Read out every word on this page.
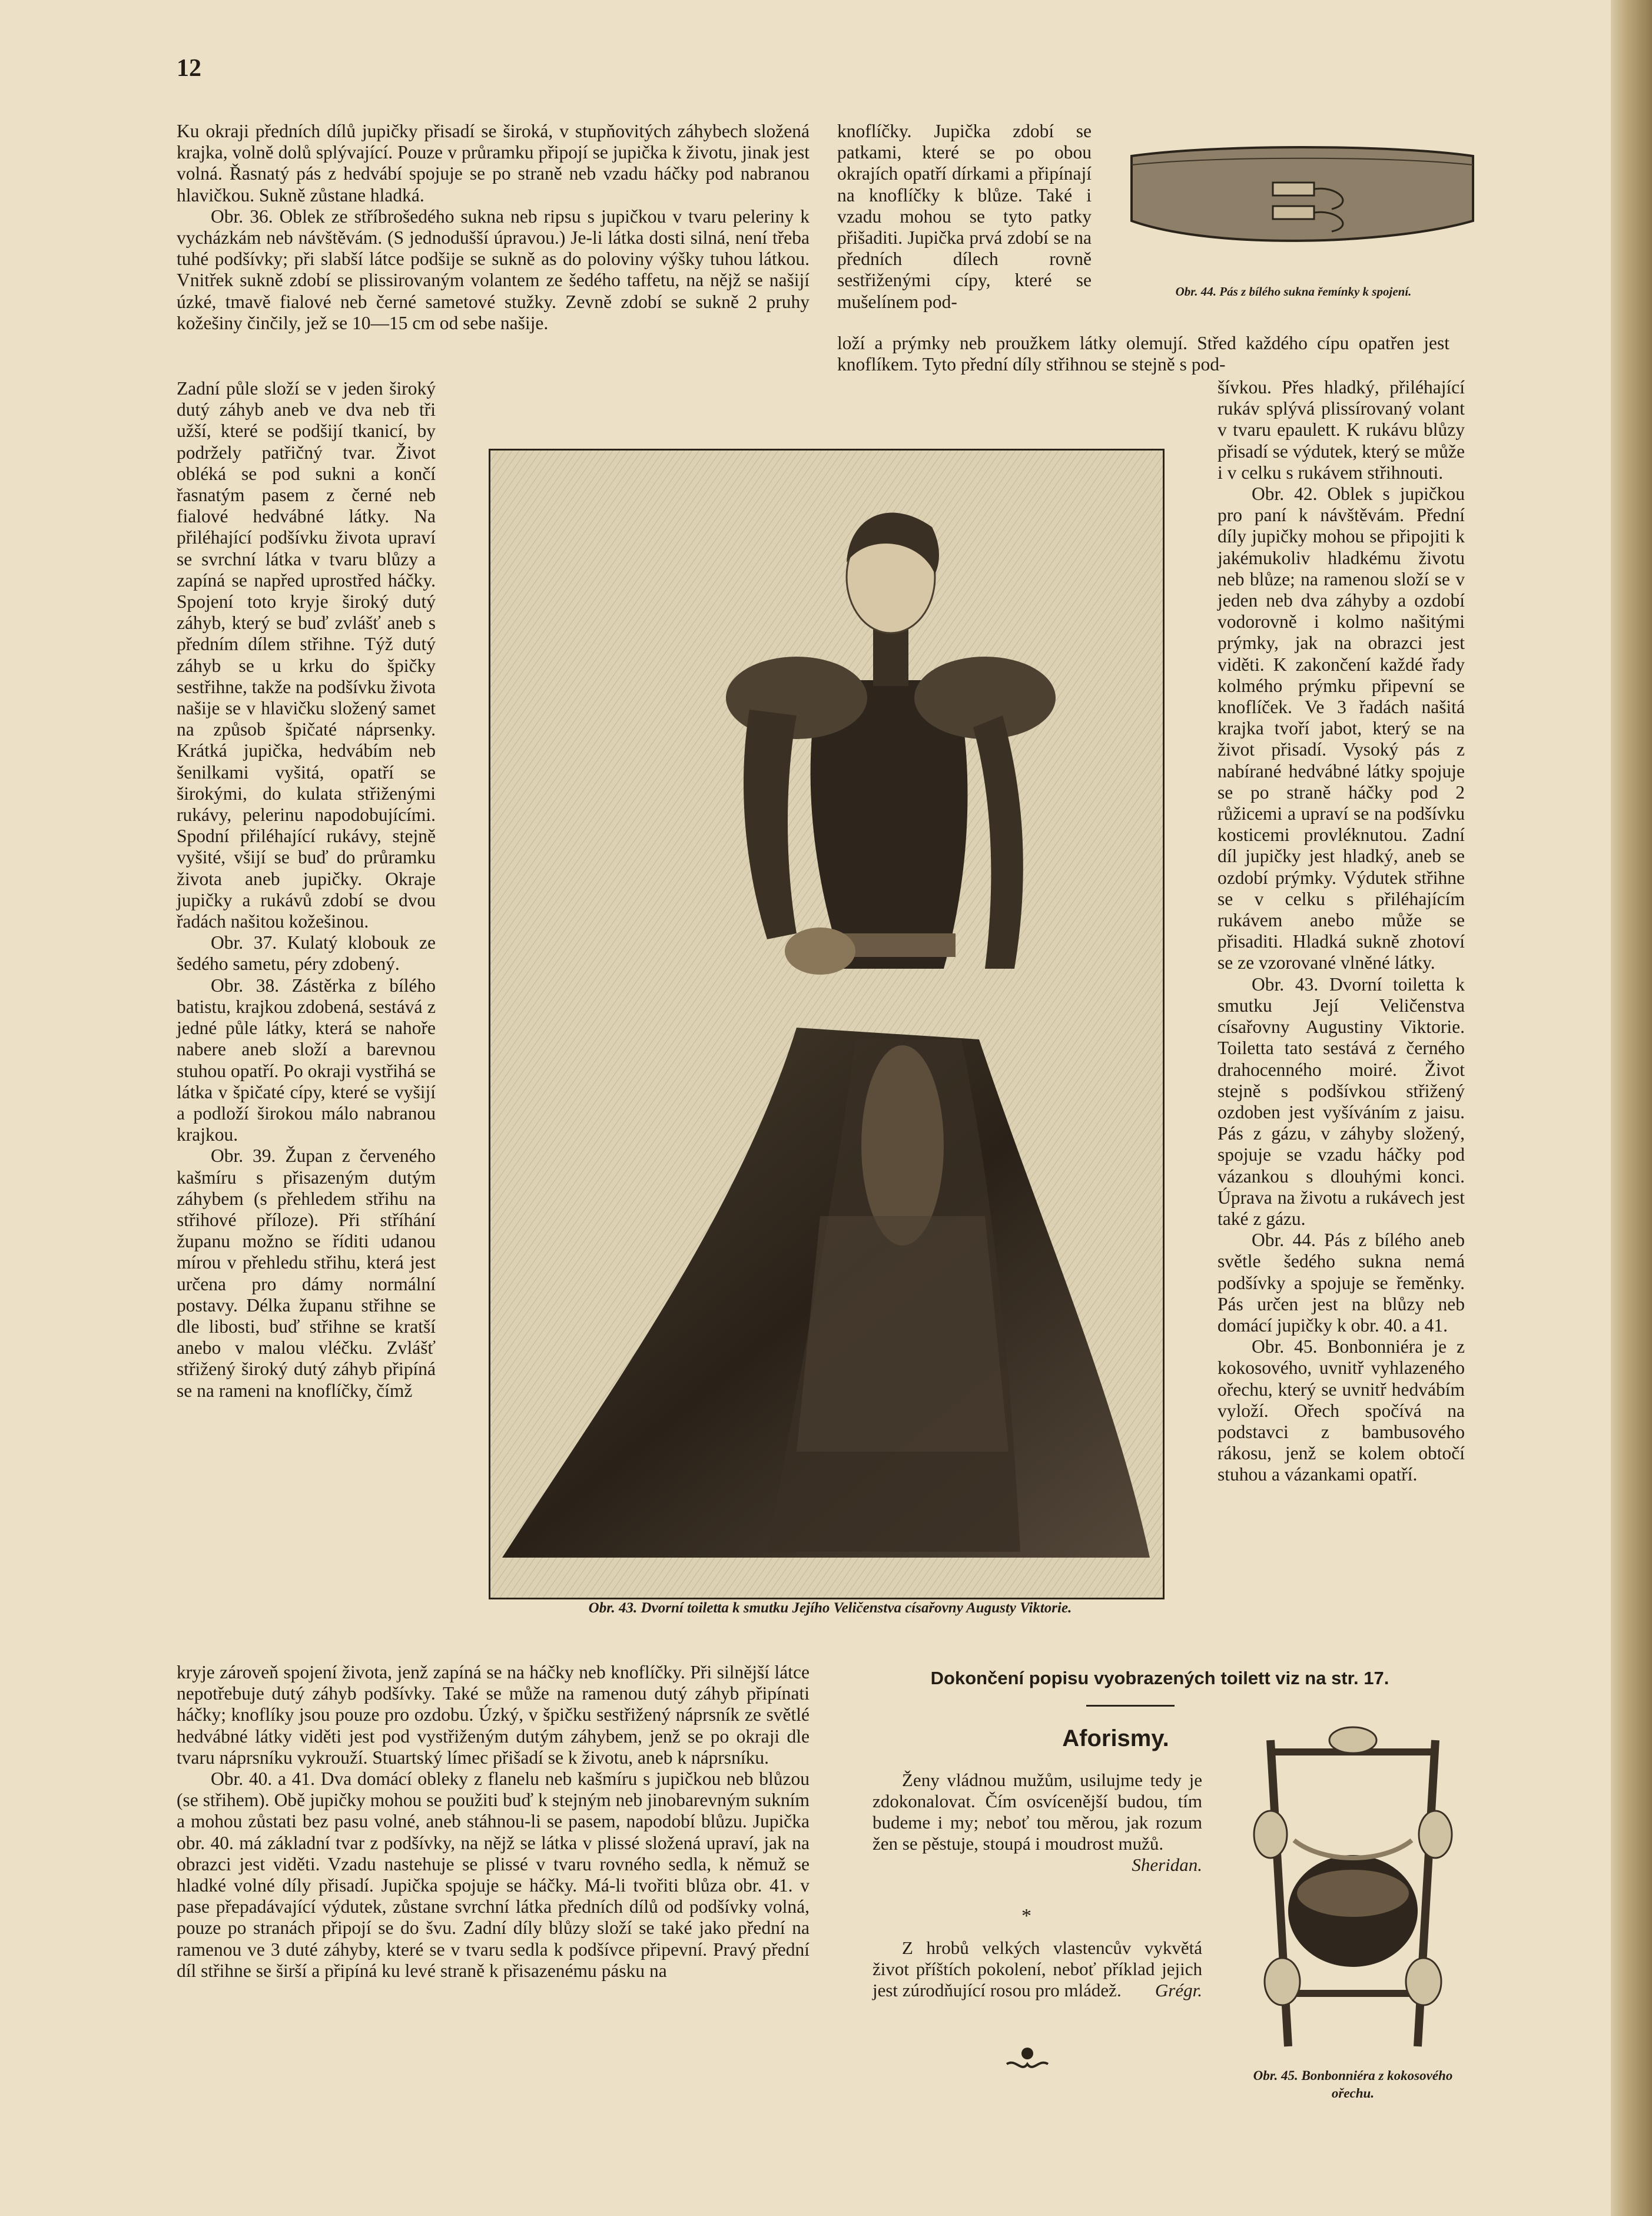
12

Ku okraji předních dílů jupičky přisadí se široká, v stupňovitých záhybech složená krajka, volně dolů splývající. Pouze v průramku připojí se jupička k životu, jinak jest volná. Řasnatý pás z hedvábí spojuje se po straně neb vzadu háčky pod nabranou hlavičkou. Sukně zůstane hladká.

Obr. 36. Oblek ze stříbrošedého sukna neb ripsu s jupičkou v tvaru peleriny k vycházkám neb návštěvám. (S jednodušší úpravou.) Je-li látka dosti silná, není třeba tuhé podšívky; při slabší látce podšije se sukně as do poloviny výšky tuhou látkou. Vnitřek sukně zdobí se plissirovaným volantem ze šedého taffetu, na nějž se našijí úzké, tmavě fialové neb černé sametové stužky. Zevně zdobí se sukně 2 pruhy kožešiny činčily, jež se 10—15 cm od sebe našije.

Zadní půle složí se v jeden široký dutý záhyb aneb ve dva neb tři užší, které se podšijí tkanicí, by podržely patřičný tvar. Život obléká se pod sukni a končí řasnatým pasem z černé neb fialové hedvábné látky. Na přiléhající podšívku života upraví se svrchní látka v tvaru blůzy a zapíná se napřed uprostřed háčky. Spojení toto kryje široký dutý záhyb, který se buď zvlášť aneb s předním dílem střihne. Týž dutý záhyb se u krku do špičky sestřihne, takže na podšívku života našije se v hlavičku složený samet na způsob špičaté náprsenky. Krátká jupička, hedvábím neb šenilkami vyšitá, opatří se širokými, do kulata střiženými rukávy, pelerinu napodobujícími. Spodní přiléhající rukávy, stejně vyšité, všijí se buď do průramku života aneb jupičky. Okraje jupičky a rukávů zdobí se dvou řadách našitou kožešinou.

Obr. 37. Kulatý klobouk ze šedého sametu, péry zdobený.

Obr. 38. Zástěrka z bílého batistu, krajkou zdobená, sestává z jedné půle látky, která se nahoře nabere aneb složí a barevnou stuhou opatří. Po okraji vystřihá se látka v špičaté cípy, které se vyšijí a podloží širokou málo nabranou krajkou.

Obr. 39. Župan z červeného kašmíru s přisazeným dutým záhybem (s přehledem střihu na střihové příloze). Při stříhání županu možno se říditi udanou mírou v přehledu střihu, která jest určena pro dámy normální postavy. Délka županu střihne se dle libosti, buď střihne se kratší anebo v malou vléčku. Zvlášť střižený široký dutý záhyb připíná se na rameni na knoflíčky, čímž

Obr. 43. Dvorní toiletta k smutku Jejího Veličenstva císařovny Augusty Viktorie.

knoflíčky. Jupička zdobí se patkami, které se po obou okrajích opatří dírkami a připínají na knoflíčky k blůze. Také i vzadu mohou se tyto patky přišaditi. Jupička prvá zdobí se na předních dílech rovně sestřiženými cípy, které se mušelínem pod-	Obr. 44. Pás z bílého sukna řemínky k spojení.

loží a prýmky neb proužkem látky olemují. Střed každého cípu opatřen jest knoflíkem. Tyto přední díly střihnou se stejně s pod-

šívkou. Přes hladký, přiléhající rukáv splývá plissírovaný volant v tvaru epaulett. K rukávu blůzy přisadí se výdutek, který se může i v celku s rukávem střihnouti.

Obr. 42. Oblek s jupičkou pro paní k návštěvám. Přední díly jupičky mohou se připojiti k jakémukoliv hladkému životu neb blůze; na ramenou složí se v jeden neb dva záhyby a ozdobí vodorovně i kolmo našitými prýmky, jak na obrazci jest viděti. K zakončení každé řady kolmého prýmku připevní se knoflíček. Ve 3 řadách našitá krajka tvoří jabot, který se na život přisadí. Vysoký pás z nabírané hedvábné látky spojuje se po straně háčky pod 2 růžicemi a upraví se na podšívku kosticemi provléknutou. Zadní díl jupičky jest hladký, aneb se ozdobí prýmky. Výdutek střihne se v celku s přiléhajícím rukávem anebo může se přisaditi. Hladká sukně zhotoví se ze vzorované vlněné látky.

Obr. 43. Dvorní toiletta k smutku Její Veličenstva císařovny Augustiny Viktorie. Toiletta tato sestává z černého drahocenného moiré. Život stejně s podšívkou střižený ozdoben jest vyšíváním z jaisu. Pás z gázu, v záhyby složený, spojuje se vzadu háčky pod vázankou s dlouhými konci. Úprava na životu a rukávech jest také z gázu.

Obr. 44. Pás z bílého aneb světle šedého sukna nemá podšívky a spojuje se řeměnky. Pás určen jest na blůzy neb domácí jupičky k obr. 40. a 41.

Obr. 45. Bonbonniéra je z kokosového, uvnitř vyhlazeného ořechu, který se uvnitř hedvábím vyloží. Ořech spočívá na podstavci z bambusového rákosu, jenž se kolem obtočí stuhou a vázankami opatří.

kryje zároveň spojení života, jenž zapíná se na háčky neb knoflíčky. Při silnější látce nepotřebuje dutý záhyb podšívky. Také se může na ramenou dutý záhyb připínati háčky; knoflíky jsou pouze pro ozdobu. Úzký, v špičku sestřižený náprsník ze světlé hedvábné látky viděti jest pod vystřiženým dutým záhybem, jenž se po okraji dle tvaru náprsníku vykrouží. Stuartský límec přišadí se k životu, aneb k náprsníku.

Obr. 40. a 41. Dva domácí obleky z flanelu neb kašmíru s jupičkou neb blůzou (se střihem). Obě jupičky mohou se použiti buď k stejným neb jinobarevným sukním a mohou zůstati bez pasu volné, aneb stáhnou-li se pasem, napodobí blůzu. Jupička obr. 40. má základní tvar z podšívky, na nějž se látka v plissé složená upraví, jak na obrazci jest viděti. Vzadu nastehuje se plissé v tvaru rovného sedla, k němuž se hladké volné díly přisadí. Jupička spojuje se háčky. Má-li tvořiti blůza obr. 41. v pase přepadávající výdutek, zůstane svrchní látka předních dílů od podšívky volná, pouze po stranách připojí se do švu. Zadní díly blůzy složí se také jako přední na ramenou ve 3 duté záhyby, které se v tvaru sedla k podšívce připevní. Pravý přední díl střihne se širší a připíná ku levé straně k přisazenému pásku na

Dokončení popisu vyobrazených toilett viz na str. 17.
Aforismy.

Ženy vládnou mužům, usilujme tedy je zdokonalovat. Čím osvícenější budou, tím budeme i my; neboť tou měrou, jak rozum žen se pěstuje, stoupá i moudrost mužů.

Sheridan.

*

Z hrobů velkých vlastencův vykvětá život příštích pokolení, neboť příklad jejich jest zúrodňující rosou pro mládež.	Grégr.

Obr. 45. Bonbonniéra z kokosového ořechu.
